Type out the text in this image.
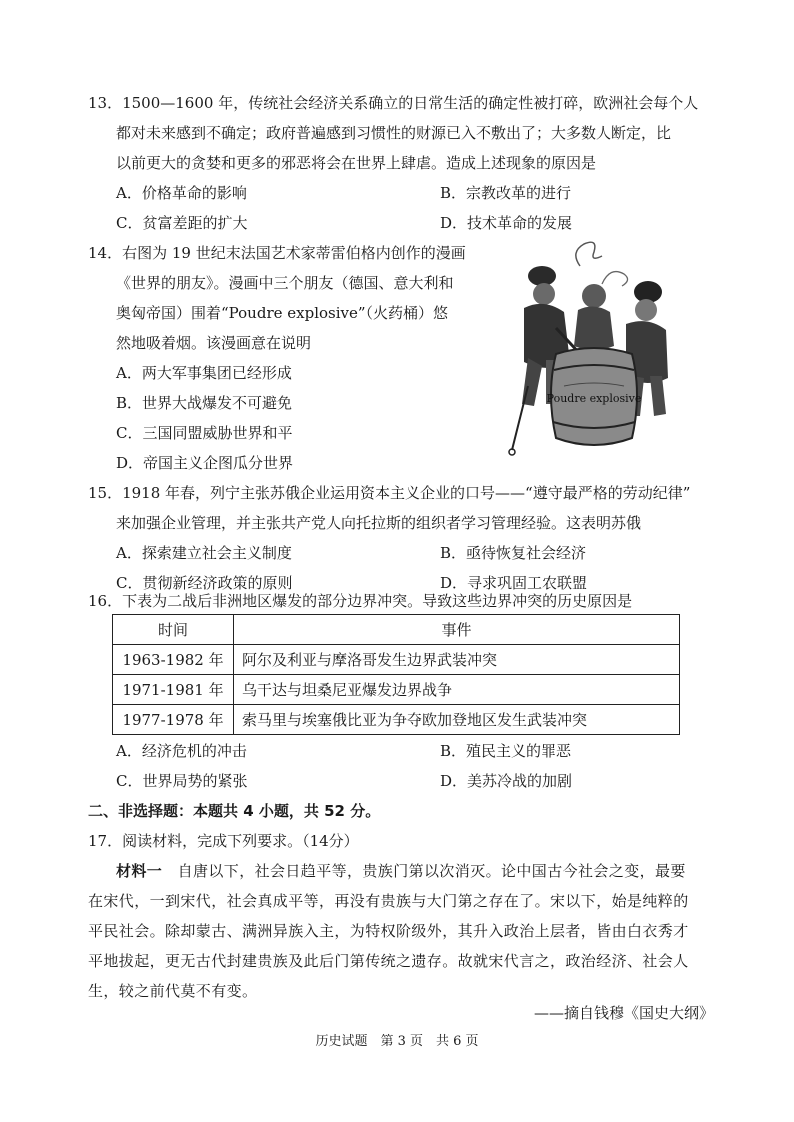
13．1500—1600 年，传统社会经济关系确立的日常生活的确定性被打碎，欧洲社会每个人
都对未来感到不确定；政府普遍感到习惯性的财源已入不敷出了；大多数人断定，比
以前更大的贪婪和更多的邪恶将会在世界上肆虐。造成上述现象的原因是
A．价格革命的影响	B．宗教改革的进行
C．贫富差距的扩大	D．技术革命的发展
14．右图为 19 世纪末法国艺术家蒂雷伯格内创作的漫画
《世界的朋友》。漫画中三个朋友（德国、意大利和
奥匈帝国）围着“Poudre explosive”（火药桶）悠
然地吸着烟。该漫画意在说明
A．两大军事集团已经形成
B．世界大战爆发不可避免
C．三国同盟威胁世界和平
D．帝国主义企图瓜分世界
Poudre explosive
15．1918 年春，列宁主张苏俄企业运用资本主义企业的口号——“遵守最严格的劳动纪律”
来加强企业管理，并主张共产党人向托拉斯的组织者学习管理经验。这表明苏俄
A．探索建立社会主义制度	B．亟待恢复社会经济
C．贯彻新经济政策的原则	D．寻求巩固工农联盟
16．下表为二战后非洲地区爆发的部分边界冲突。导致这些边界冲突的历史原因是
时间	事件
1963-1982 年	阿尔及利亚与摩洛哥发生边界武装冲突
1971-1981 年	乌干达与坦桑尼亚爆发边界战争
1977-1978 年	索马里与埃塞俄比亚为争夺欧加登地区发生武装冲突
A．经济危机的冲击	B．殖民主义的罪恶
C．世界局势的紧张	D．美苏冷战的加剧
二、非选择题：本题共 4 小题，共 52 分。
17．阅读材料，完成下列要求。（14分）
材料一　 自唐以下，社会日趋平等，贵族门第以次消灭。论中国古今社会之变，最要
在宋代，一到宋代，社会真成平等，再没有贵族与大门第之存在了。宋以下，始是纯粹的
平民社会。除却蒙古、满洲异族入主，为特权阶级外，其升入政治上层者，皆由白衣秀才
平地拔起，更无古代封建贵族及此后门第传统之遗存。故就宋代言之，政治经济、社会人
生，较之前代莫不有变。
——摘自钱穆《国史大纲》
历史试题　第 3 页　共 6 页
